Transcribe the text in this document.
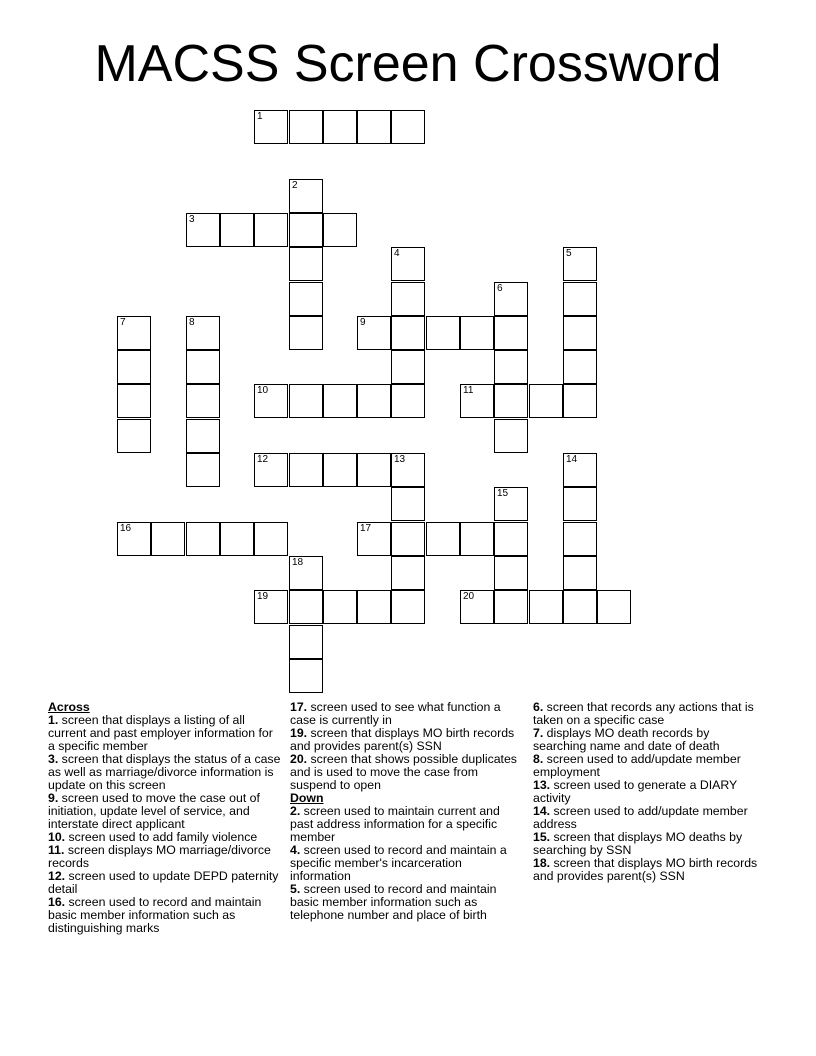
MACSS Screen Crossword
1
2
3
4	5
6
7	8	9
10	11
12	13	14
15
16	17
18
19	20

Across

1. screen that displays a listing of all current and past employer information for a specific member

3. screen that displays the status of a case as well as marriage/divorce information is update on this screen

9. screen used to move the case out of initiation, update level of service, and interstate direct applicant

10. screen used to add family violence

11. screen displays MO marriage/divorce records

12. screen used to update DEPD paternity detail

16. screen used to record and maintain basic member information such as distinguishing marks

17. screen used to see what function a case is currently in

19. screen that displays MO birth records and provides parent(s) SSN

20. screen that shows possible duplicates and is used to move the case from suspend to open

Down

2. screen used to maintain current and past address information for a specific member

4. screen used to record and maintain a specific member's incarceration information

5. screen used to record and maintain basic member information such as telephone number and place of birth

6. screen that records any actions that is taken on a specific case

7. displays MO death records by searching name and date of death

8. screen used to add/update member employment

13. screen used to generate a DIARY activity

14. screen used to add/update member address

15. screen that displays MO deaths by searching by SSN

18. screen that displays MO birth records and provides parent(s) SSN
